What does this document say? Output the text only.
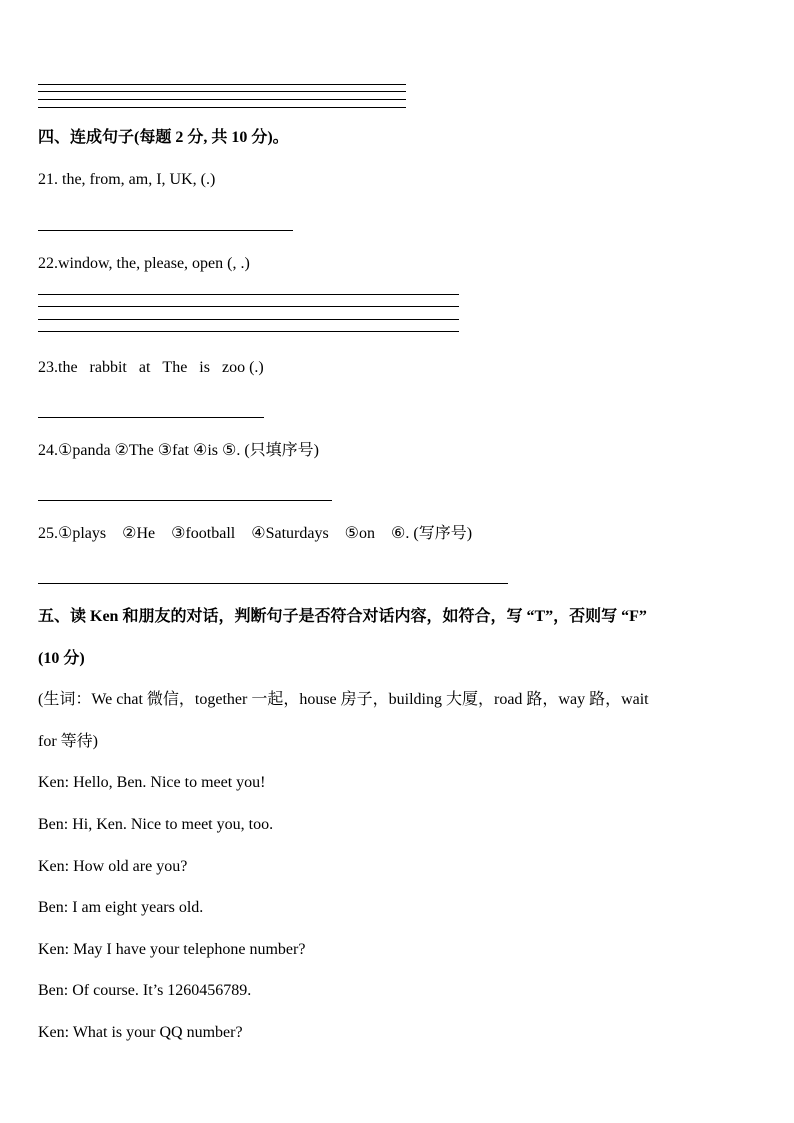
四、连成句子(每题 2 分, 共 10 分)。
21. the, from, am, I, UK, (.)
22.window, the, please, open (, .)
23.the   rabbit   at   The   is   zoo (.)
24.①panda ②The ③fat ④is ⑤. (只填序号)
25.①plays    ②He    ③football    ④Saturdays    ⑤on    ⑥. (写序号)
五、读 Ken 和朋友的对话，判断句子是否符合对话内容，如符合，写 “T”，否则写 “F”
(10 分)
(生词：We chat 微信，together 一起，house 房子，building 大厦，road 路，way 路，wait
for 等待)
Ken: Hello, Ben. Nice to meet you!
Ben: Hi, Ken. Nice to meet you, too.
Ken: How old are you?
Ben: I am eight years old.
Ken: May I have your telephone number?
Ben: Of course. It’s 1260456789.
Ken: What is your QQ number?
